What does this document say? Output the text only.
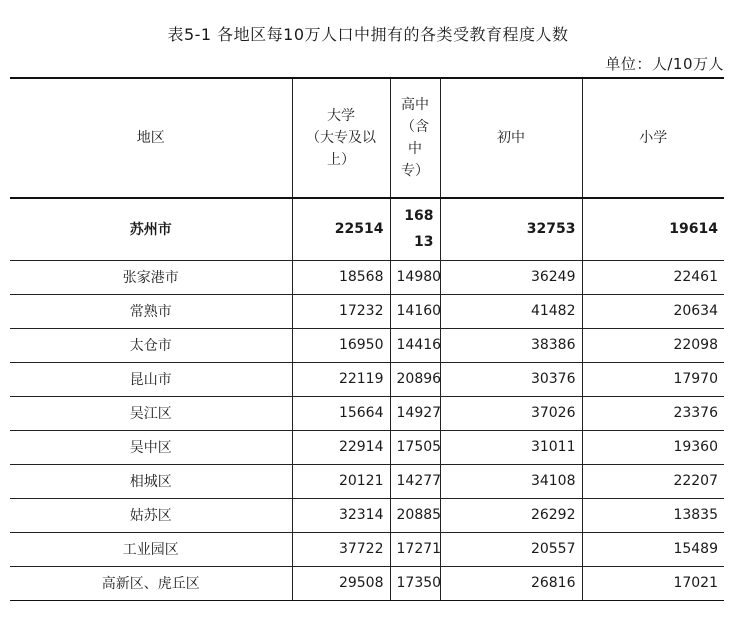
表5-1 各地区每10万人口中拥有的各类受教育程度人数
单位：人/10万人
地区	大学
（大专及以
上）	高中
（含
中
专）	初中	小学
苏州市	22514	16813	32753	19614
张家港市	18568	14980	36249	22461
常熟市	17232	14160	41482	20634
太仓市	16950	14416	38386	22098
昆山市	22119	20896	30376	17970
吴江区	15664	14927	37026	23376
吴中区	22914	17505	31011	19360
相城区	20121	14277	34108	22207
姑苏区	32314	20885	26292	13835
工业园区	37722	17271	20557	15489
高新区、虎丘区	29508	17350	26816	17021
